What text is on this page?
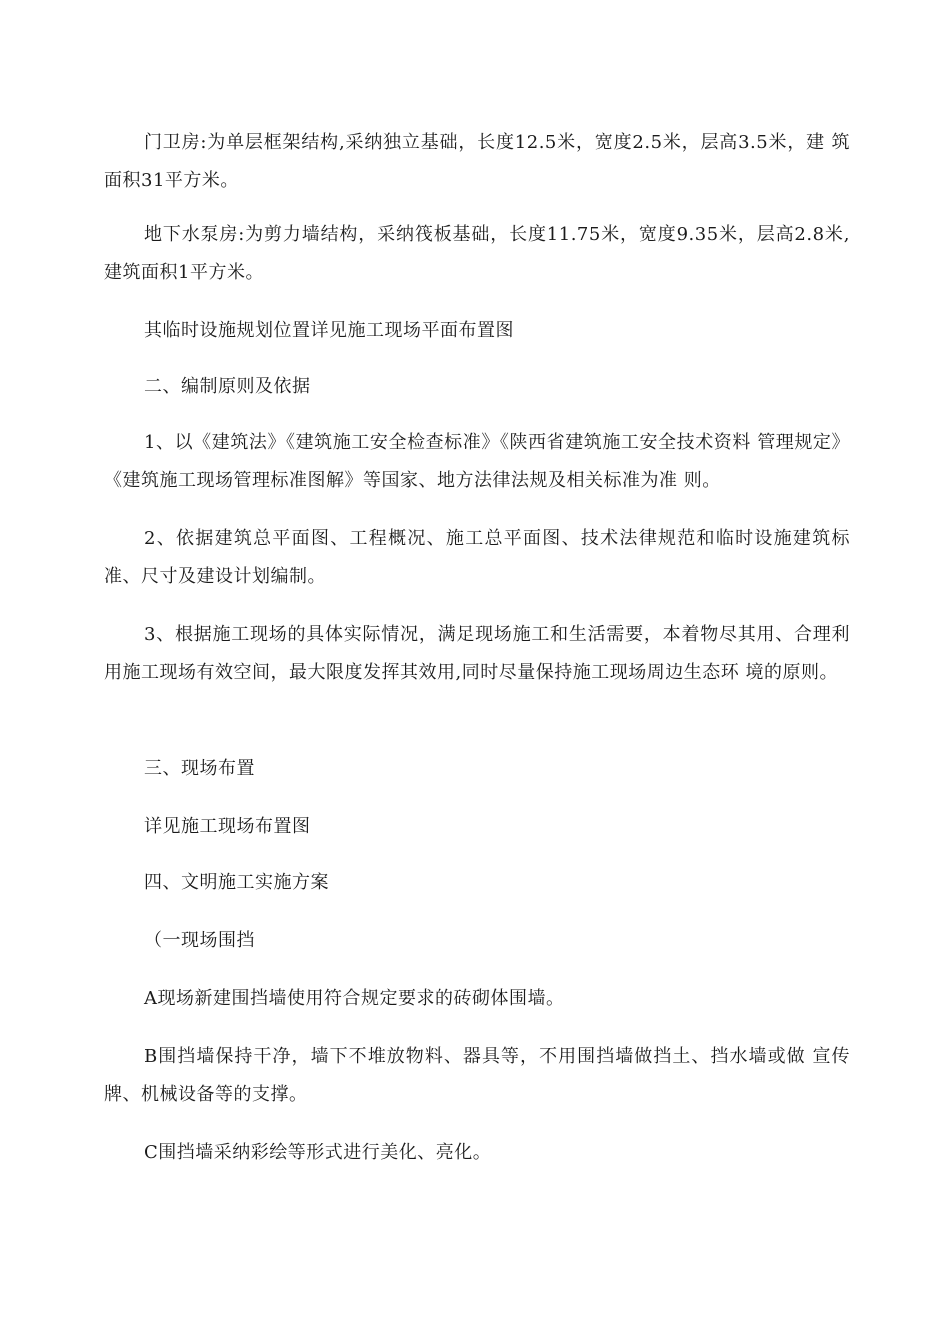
门卫房:为单层框架结构,采纳独立基础，长度12.5米，宽度2.5米，层高3.5米，建 筑面积31平方米。

地下水泵房:为剪力墙结构，采纳筏板基础，长度11.75米，宽度9.35米，层高2.8米, 建筑面积1平方米。

其临时设施规划位置详见施工现场平面布置图

二、编制原则及依据

1、以《建筑法》《建筑施工安全检查标准》《陕西省建筑施工安全技术资料 管理规定》《建筑施工现场管理标准图解》等国家、地方法律法规及相关标准为准 则。

2、依据建筑总平面图、工程概况、施工总平面图、技术法律规范和临时设施建筑标准、尺寸及建设计划编制。

3、根据施工现场的具体实际情况，满足现场施工和生活需要，本着物尽其用、合理利用施工现场有效空间，最大限度发挥其效用,同时尽量保持施工现场周边生态环 境的原则。

三、现场布置

详见施工现场布置图

四、文明施工实施方案

（一现场围挡

A现场新建围挡墙使用符合规定要求的砖砌体围墙。

B围挡墙保持干净，墙下不堆放物料、器具等，不用围挡墙做挡土、挡水墙或做 宣传牌、机械设备等的支撑。

C围挡墙采纳彩绘等形式进行美化、亮化。
